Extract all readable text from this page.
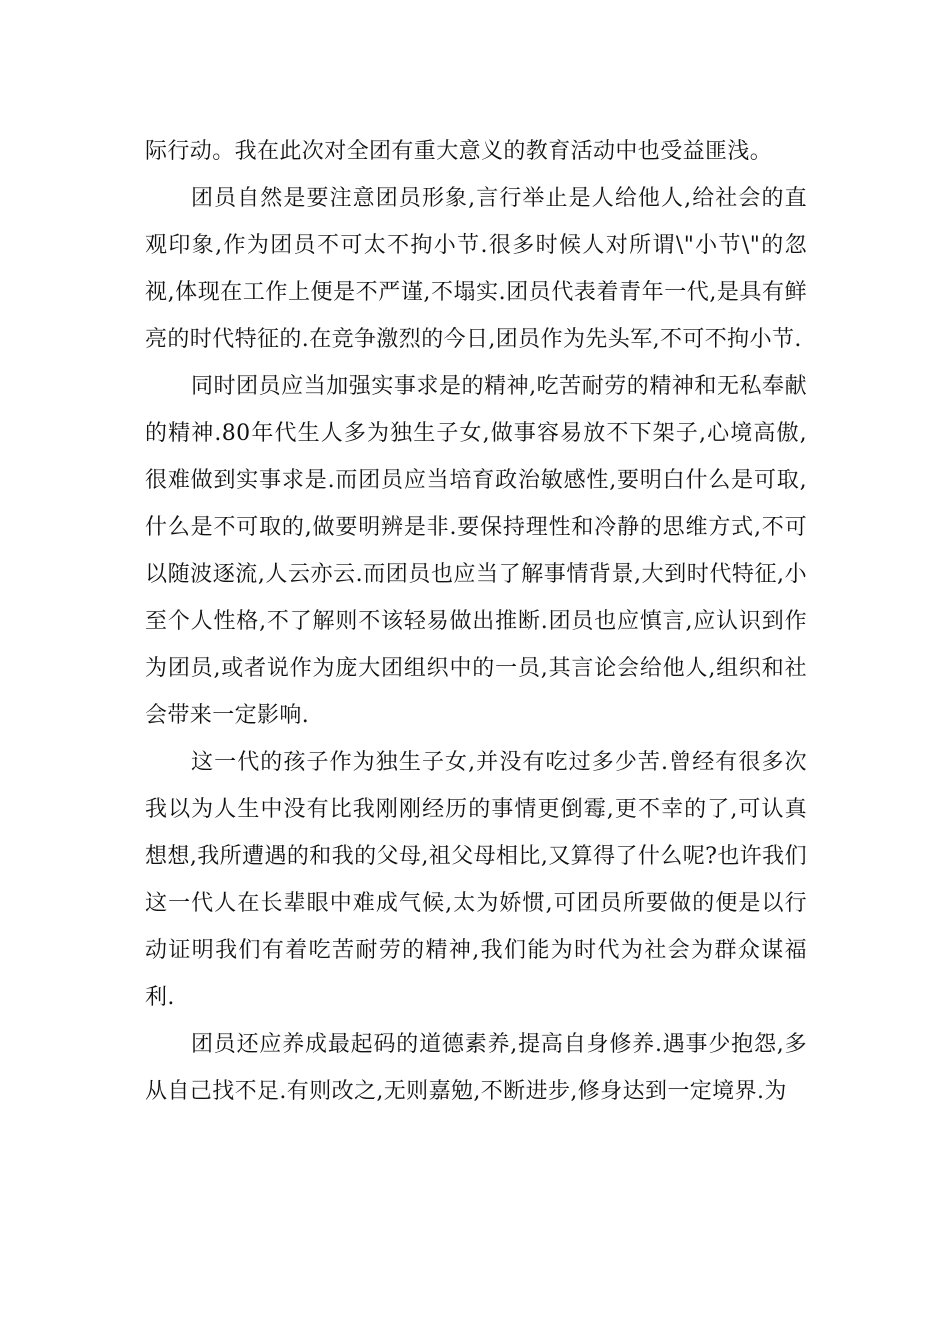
际行动。我在此次对全团有重大意义的教育活动中也受益匪浅。

团员自然是要注意团员形象,言行举止是人给他人,给社会的直观印象,作为团员不可太不拘小节.很多时候人对所谓\"小节\"的忽视,体现在工作上便是不严谨,不塌实.团员代表着青年一代,是具有鲜亮的时代特征的.在竞争激烈的今日,团员作为先头军,不可不拘小节.

同时团员应当加强实事求是的精神,吃苦耐劳的精神和无私奉献的精神.80年代生人多为独生子女,做事容易放不下架子,心境高傲,很难做到实事求是.而团员应当培育政治敏感性,要明白什么是可取,什么是不可取的,做要明辨是非.要保持理性和冷静的思维方式,不可以随波逐流,人云亦云.而团员也应当了解事情背景,大到时代特征,小至个人性格,不了解则不该轻易做出推断.团员也应慎言,应认识到作为团员,或者说作为庞大团组织中的一员,其言论会给他人,组织和社会带来一定影响.

这一代的孩子作为独生子女,并没有吃过多少苦.曾经有很多次我以为人生中没有比我刚刚经历的事情更倒霉,更不幸的了,可认真想想,我所遭遇的和我的父母,祖父母相比,又算得了什么呢?也许我们这一代人在长辈眼中难成气候,太为娇惯,可团员所要做的便是以行动证明我们有着吃苦耐劳的精神,我们能为时代为社会为群众谋福利.

团员还应养成最起码的道德素养,提高自身修养.遇事少抱怨,多从自己找不足.有则改之,无则嘉勉,不断进步,修身达到一定境界.为
